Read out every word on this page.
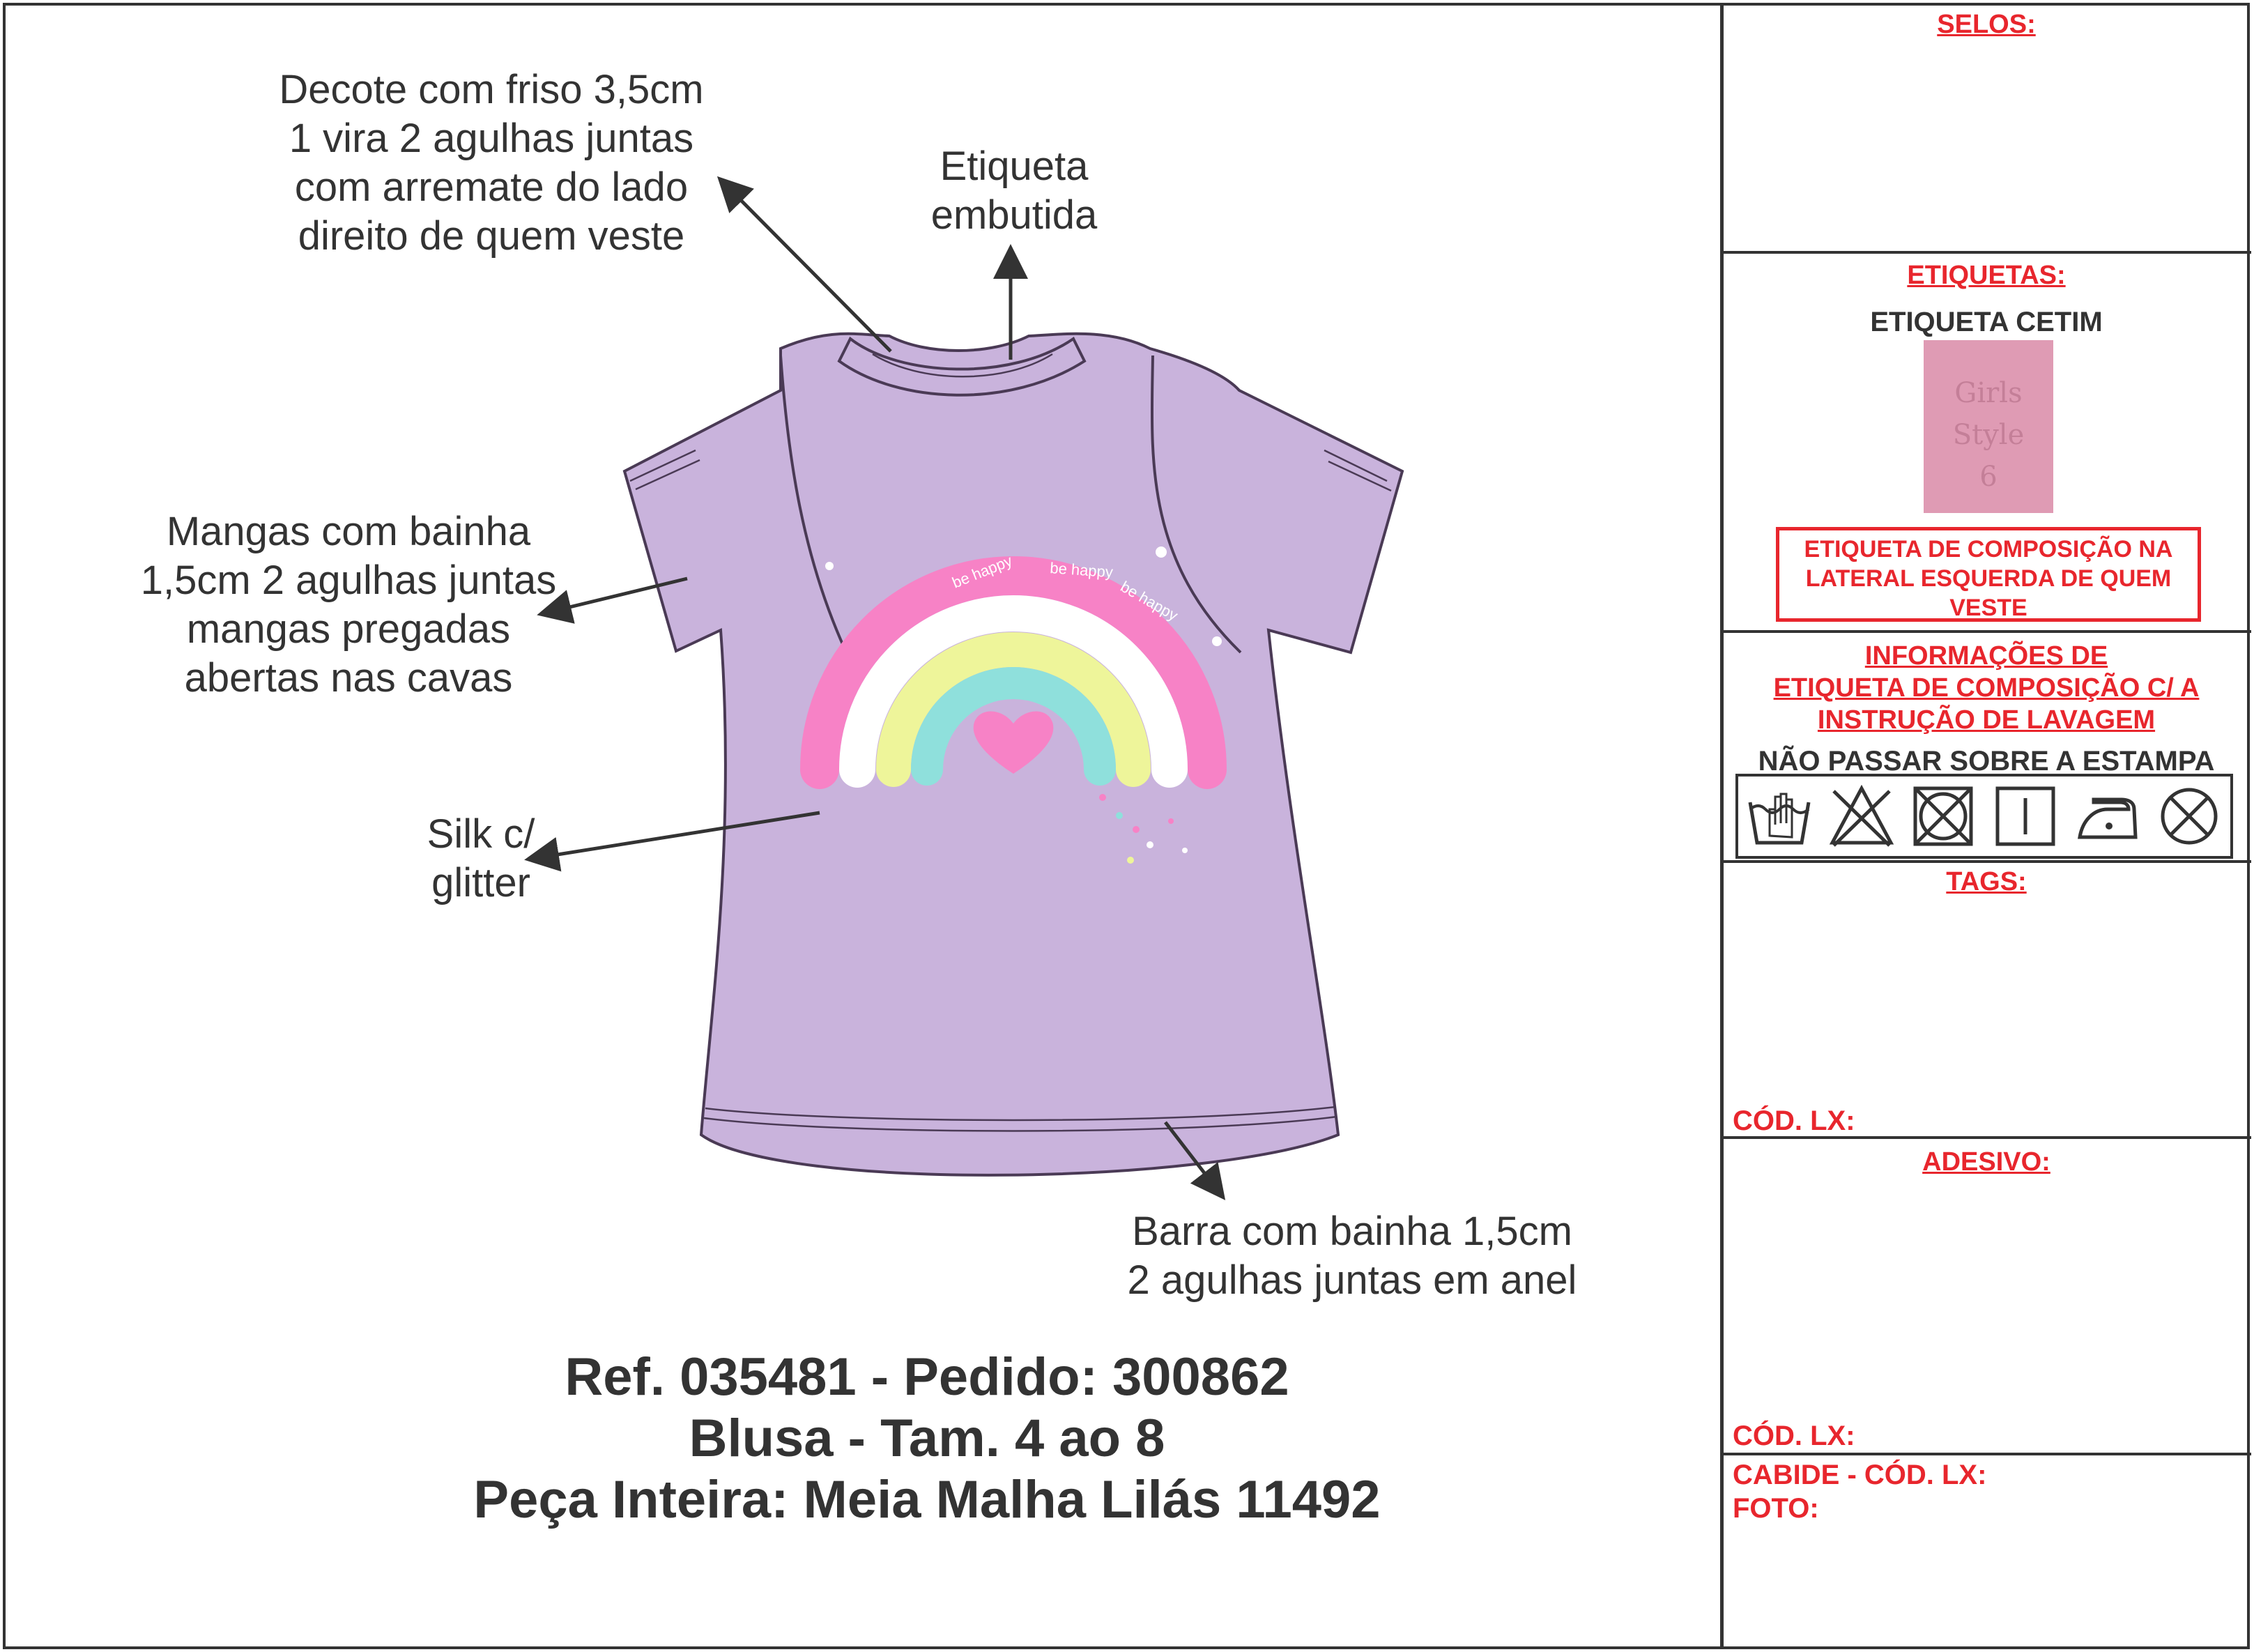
be happy be happy
be happy
Decote com friso 3,5cm
1 vira 2 agulhas juntas
com arremate do lado
direito de quem veste
Etiqueta
embutida
Mangas com bainha
1,5cm 2 agulhas juntas
mangas pregadas
abertas nas cavas
Silk c/
glitter
Barra com bainha 1,5cm
2 agulhas juntas em anel
Ref. 035481 - Pedido: 300862
Blusa - Tam. 4 ao 8
Peça Inteira: Meia Malha Lilás 11492
SELOS:
ETIQUETAS:
ETIQUETA CETIM
Girls
Style
6
ETIQUETA DE COMPOSIÇÃO NA
LATERAL ESQUERDA DE QUEM
VESTE
INFORMAÇÕES DE
ETIQUETA DE COMPOSIÇÃO C/ A
INSTRUÇÃO DE LAVAGEM
NÃO PASSAR SOBRE A ESTAMPA
TAGS:
CÓD. LX:
ADESIVO:
CÓD. LX:
CABIDE - CÓD. LX:
FOTO:
